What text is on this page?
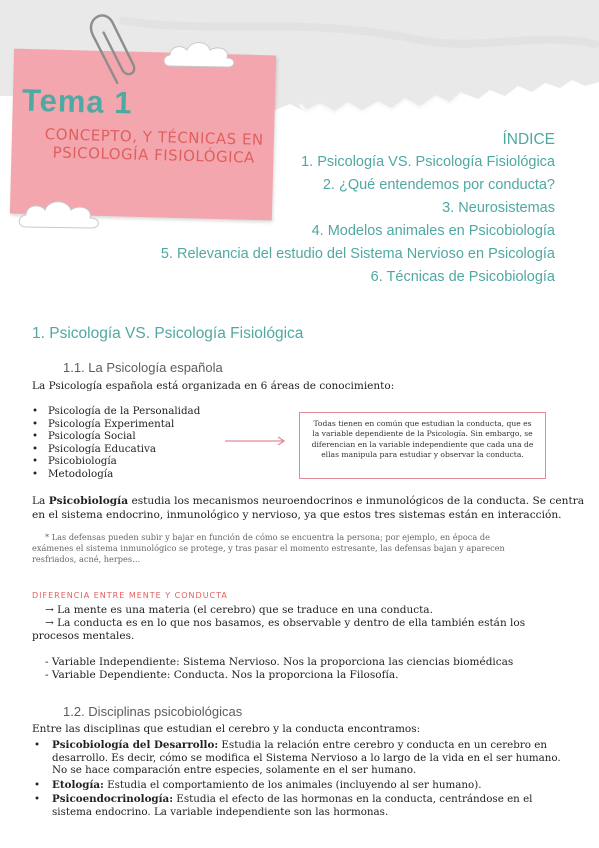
Tema 1
CONCEPTO, Y TÉCNICAS EN
PSICOLOGÍA FISIOLÓGICA
ÍNDICE
1. Psicología VS. Psicología Fisiológica
2. ¿Qué entendemos por conducta?
3. Neurosistemas
4. Modelos animales en Psicobiología
5. Relevancia del estudio del Sistema Nervioso en Psicología
6. Técnicas de Psicobiología
1. Psicología VS. Psicología Fisiológica
1.1. La Psicología española
La Psicología española está organizada en 6 áreas de conocimiento:
• Psicología de la Personalidad
• Psicología Experimental
• Psicología Social
• Psicología Educativa
• Psicobiología
• Metodología
Todas tienen en común que estudian la conducta, que es la variable dependiente de la Psicología. Sin embargo, se diferencian en la variable independiente que cada una de ellas manipula para estudiar y observar la conducta.
La Psicobiología estudia los mecanismos neuroendocrinos e inmunológicos de la conducta. Se centra
en el sistema endocrino, inmunológico y nervioso, ya que estos tres sistemas están en interacción.
* Las defensas pueden subir y bajar en función de cómo se encuentra la persona; por ejemplo, en época de
exámenes el sistema inmunológico se protege, y tras pasar el momento estresante, las defensas bajan y aparecen
resfriados, acné, herpes…
DIFERENCIA ENTRE MENTE Y CONDUCTA
→ La mente es una materia (el cerebro) que se traduce en una conducta.
→ La conducta es en lo que nos basamos, es observable y dentro de ella también están los
procesos mentales.
- Variable Independiente: Sistema Nervioso. Nos la proporciona las ciencias biomédicas
- Variable Dependiente: Conducta. Nos la proporciona la Filosofía.
1.2. Disciplinas psicobiológicas
Entre las disciplinas que estudian el cerebro y la conducta encontramos:
• Psicobiología del Desarrollo: Estudia la relación entre cerebro y conducta en un cerebro en desarrollo. Es decir, cómo se modifica el Sistema Nervioso a lo largo de la vida en el ser humano. No se hace comparación entre especies, solamente en el ser humano.
• Etología: Estudia el comportamiento de los animales (incluyendo al ser humano).
• Psicoendocrinología: Estudia el efecto de las hormonas en la conducta, centrándose en el sistema endocrino. La variable independiente son las hormonas.
